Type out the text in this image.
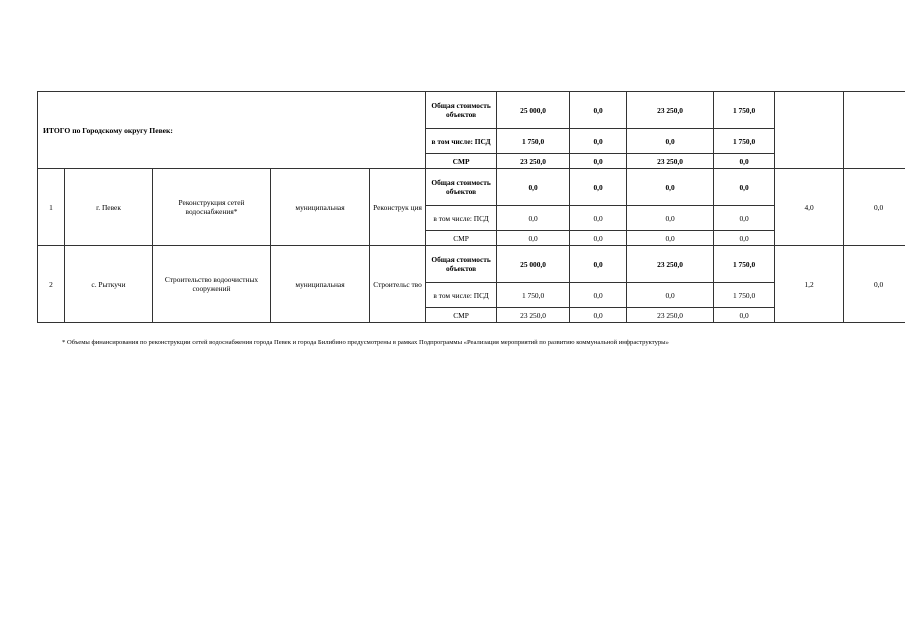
ИТОГО по Городскому округу Певек:					Общая стоимость объектов	25 000,0	0,0	23 250,0	1 750,0		
					в том числе: ПСД	1 750,0	0,0	0,0	1 750,0		
					СМР	23 250,0	0,0	23 250,0	0,0		
1	г. Певек	Реконструкция сетей водоснабжения*	муниципальная	Реконструк ция	Общая стоимость объектов	0,0	0,0	0,0	0,0	4,0	0,0
					в том числе: ПСД	0,0	0,0	0,0	0,0		
					СМР	0,0	0,0	0,0	0,0		
2	с. Рыткучи	Строительство водоочистных сооружений	муниципальная	Строительс тво	Общая стоимость объектов	25 000,0	0,0	23 250,0	1 750,0	1,2	0,0
					в том числе: ПСД	1 750,0	0,0	0,0	1 750,0		
					СМР	23 250,0	0,0	23 250,0	0,0		
* Объемы финансирования по реконструкции сетей водоснабжения города Певек и города Билибино предусмотрены в рамках Подпрограммы «Реализация мероприятий по развитию коммунальной инфраструктуры»
